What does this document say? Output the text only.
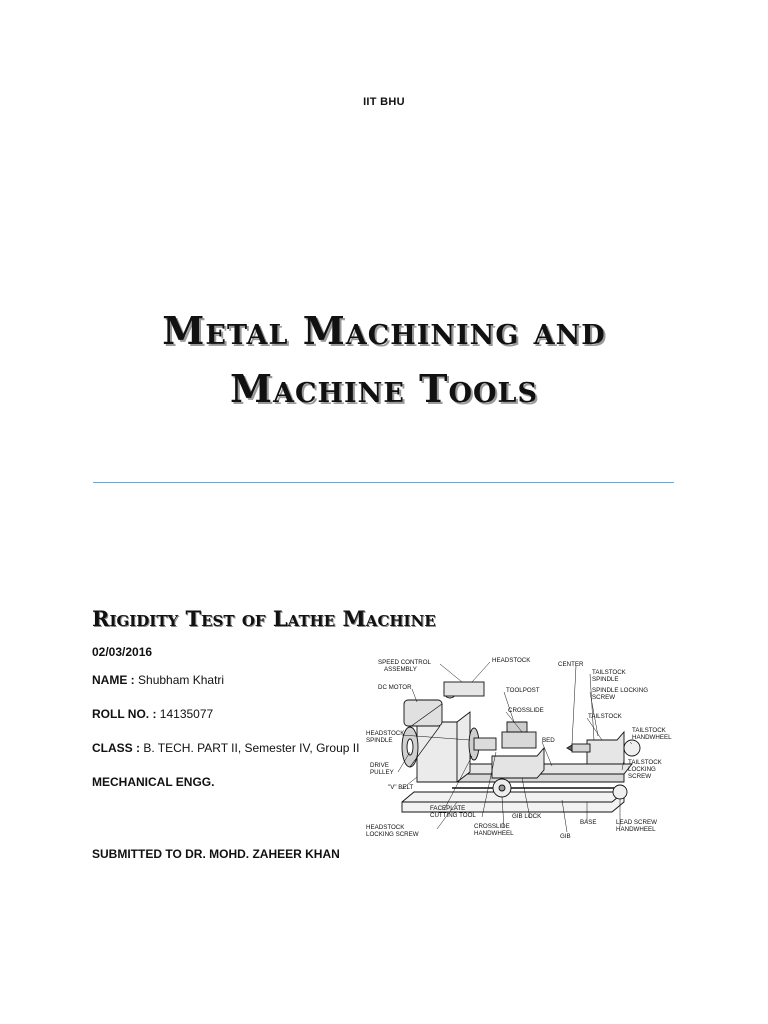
IIT BHU
Metal Machining and
Machine Tools
Rigidity Test of Lathe Machine
02/03/2016
NAME : Shubham Khatri
ROLL NO. : 14135077
CLASS : B. TECH. PART II, Semester IV, Group II
MECHANICAL ENGG.
SUBMITTED TO DR. MOHD. ZAHEER KHAN
SPEED CONTROL
ASSEMBLY
HEADSTOCK
CENTER
TAILSTOCK
SPINDLE
DC MOTOR	TOOLPOST	SPINDLE LOCKING
SCREW
CROSSLIDE
TAILSTOCK
HEADSTOCK
SPINDLE	BED
TAILSTOCK
HANDWHEEL
DRIVE
PULLEY
TAILSTOCK
LOCKING
SCREW
"V" BELT
FACEPLATE
GIB LOCK
CUTTING TOOL
HEADSTOCK
LOCKING SCREW
CROSSLIDE
HANDWHEEL
BASE
GIB
LEAD SCREW
HANDWHEEL
